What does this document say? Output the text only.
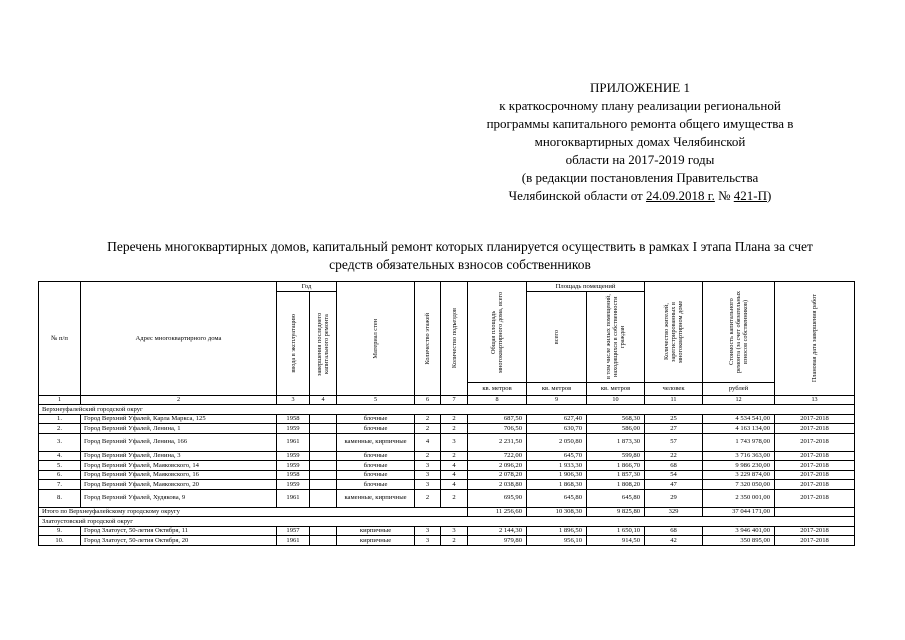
ПРИЛОЖЕНИЕ 1
к краткосрочному плану реализации региональной
программы капитального ремонта общего имущества в
многоквартирных домах Челябинской
области на 2017-2019 годы
(в редакции постановления Правительства
Челябинской области от 24.09.2018 г. № 421-П)
Перечень многоквартирных домов, капитальный ремонт которых планируется осуществить в рамках I этапа Плана за счет
средств обязательных взносов собственников
№ п/п	Адрес многоквартирного дома	Год		Материал стен	Количество этажей	Количество подъездов	Общая площадь многоквартирного дома, всего	Площадь помещений		Количество жителей, зарегистрированных в многоквартирном доме	Стоимость капитального ремонта (за счет обязательных взносов собственников)	Плановая дата завершения работ

		ввода в эксплуатацию	завершения последнего капитального ремонта					всего	в том числе жилых помещений, находящихся в собственности граждан			

							кв. метров	кв. метров	кв. метров	человек	рублей	
1	2	3	4	5	6	7	8	9	10	11	12	13
Верхнеуфалейский городской округ												
1.	Город Верхний Уфалей, Карла Маркса, 125	1958		блочные	2	2	687,50	627,40	568,30	25	4 534 541,00	2017-2018
2.	Город Верхний Уфалей, Ленина, 1	1959		блочные	2	2	706,50	630,70	586,00	27	4 163 134,00	2017-2018
3.	Город Верхний Уфалей, Ленина, 166	1961		каменные, кирпичные	4	3	2 231,50	2 050,80	1 873,30	57	1 743 978,00	2017-2018
4.	Город Верхний Уфалей, Ленина, 3	1959		блочные	2	2	722,00	645,70	599,80	22	3 716 363,00	2017-2018
5.	Город Верхний Уфалей, Маяковского, 14	1959		блочные	3	4	2 096,20	1 933,30	1 866,70	68	9 986 230,00	2017-2018
6.	Город Верхний Уфалей, Маяковского, 16	1958		блочные	3	4	2 078,20	1 906,30	1 857,30	54	3 229 874,00	2017-2018
7.	Город Верхний Уфалей, Маяковского, 20	1959		блочные	3	4	2 038,80	1 868,30	1 808,20	47	7 320 050,00	2017-2018
8.	Город Верхний Уфалей, Худякова, 9	1961		каменные, кирпичные	2	2	695,90	645,80	645,80	29	2 350 001,00	2017-2018
Итого по Верхнеуфалейскому городскому округу							11 256,60	10 308,30	9 825,80	329	37 044 171,00	
Златоустовский городской округ												
9.	Город Златоуст, 50-летия Октября, 11	1957		кирпичные	3	3	2 144,30	1 896,50	1 650,10	68	3 946 401,00	2017-2018
10.	Город Златоуст, 50-летия Октября, 20	1961		кирпичные	3	2	979,80	956,10	914,50	42	350 895,00	2017-2018
